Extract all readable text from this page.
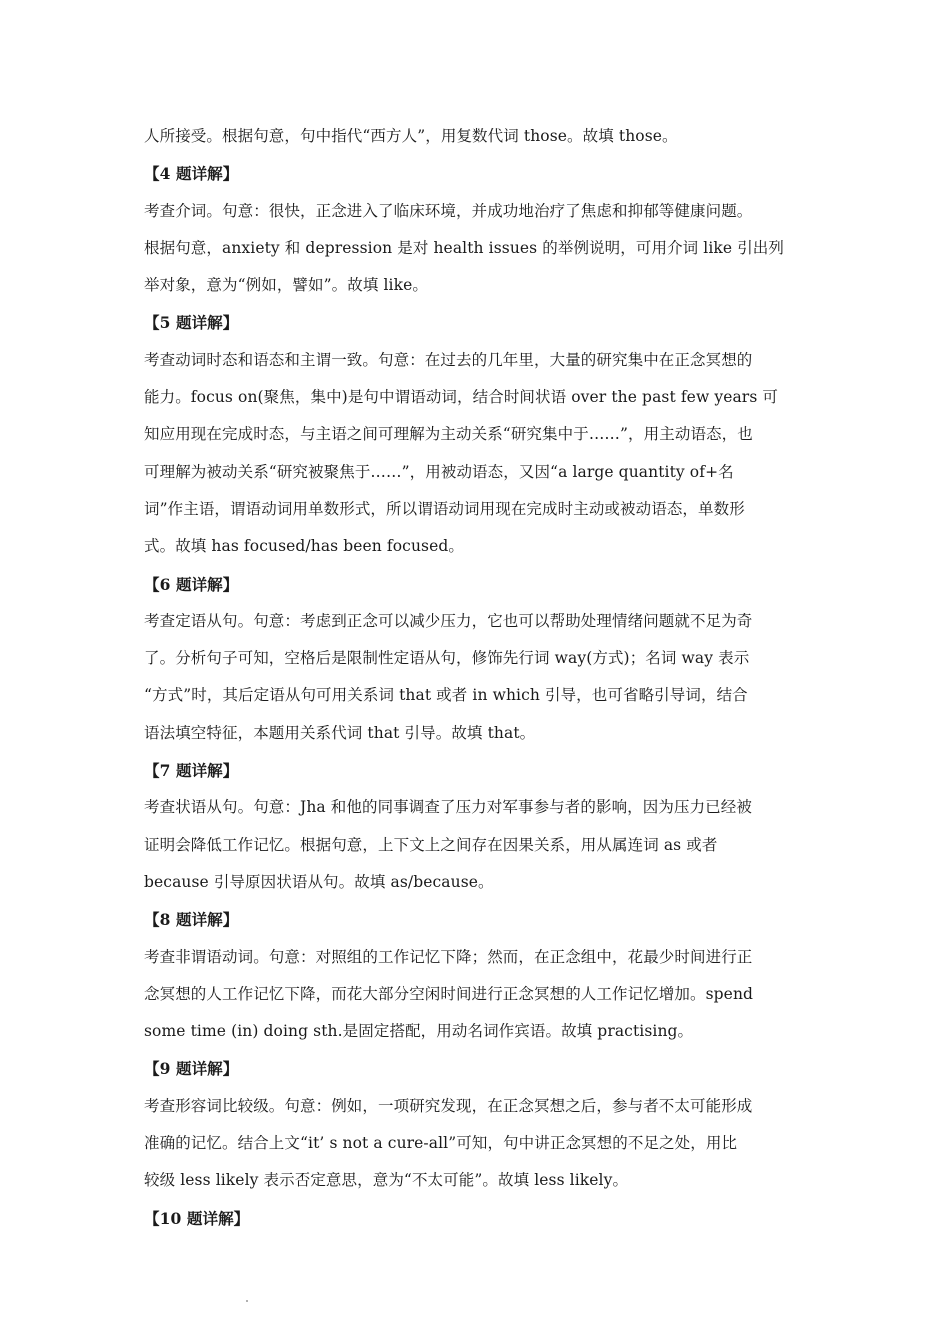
人所接受。根据句意，句中指代“西方人”，用复数代词 those。故填 those。
【4 题详解】
考查介词。句意：很快，正念进入了临床环境，并成功地治疗了焦虑和抑郁等健康问题。
根据句意，anxiety 和 depression 是对 health issues 的举例说明，可用介词 like 引出列
举对象，意为“例如，譬如”。故填 like。
【5 题详解】
考查动词时态和语态和主谓一致。句意：在过去的几年里，大量的研究集中在正念冥想的
能力。focus on(聚焦，集中)是句中谓语动词，结合时间状语 over the past few years 可
知应用现在完成时态，与主语之间可理解为主动关系“研究集中于……”，用主动语态，也
可理解为被动关系“研究被聚焦于……”，用被动语态，又因“a large quantity of+名
词”作主语，谓语动词用单数形式，所以谓语动词用现在完成时主动或被动语态，单数形
式。故填 has focused/has been focused。
【6 题详解】
考查定语从句。句意：考虑到正念可以减少压力，它也可以帮助处理情绪问题就不足为奇
了。分析句子可知，空格后是限制性定语从句，修饰先行词 way(方式)；名词 way 表示
“方式”时，其后定语从句可用关系词 that 或者 in which 引导，也可省略引导词，结合
语法填空特征，本题用关系代词 that 引导。故填 that。
【7 题详解】
考查状语从句。句意：Jha 和他的同事调查了压力对军事参与者的影响，因为压力已经被
证明会降低工作记忆。根据句意，上下文上之间存在因果关系，用从属连词 as 或者
because 引导原因状语从句。故填 as/because。
【8 题详解】
考查非谓语动词。句意：对照组的工作记忆下降；然而，在正念组中，花最少时间进行正
念冥想的人工作记忆下降，而花大部分空闲时间进行正念冥想的人工作记忆增加。spend
some time (in) doing sth.是固定搭配，用动名词作宾语。故填 practising。
【9 题详解】
考查形容词比较级。句意：例如，一项研究发现，在正念冥想之后，参与者不太可能形成
准确的记忆。结合上文“it’ s not a cure-all”可知，句中讲正念冥想的不足之处，用比
较级 less likely 表示否定意思，意为“不太可能”。故填 less likely。
【10 题详解】
